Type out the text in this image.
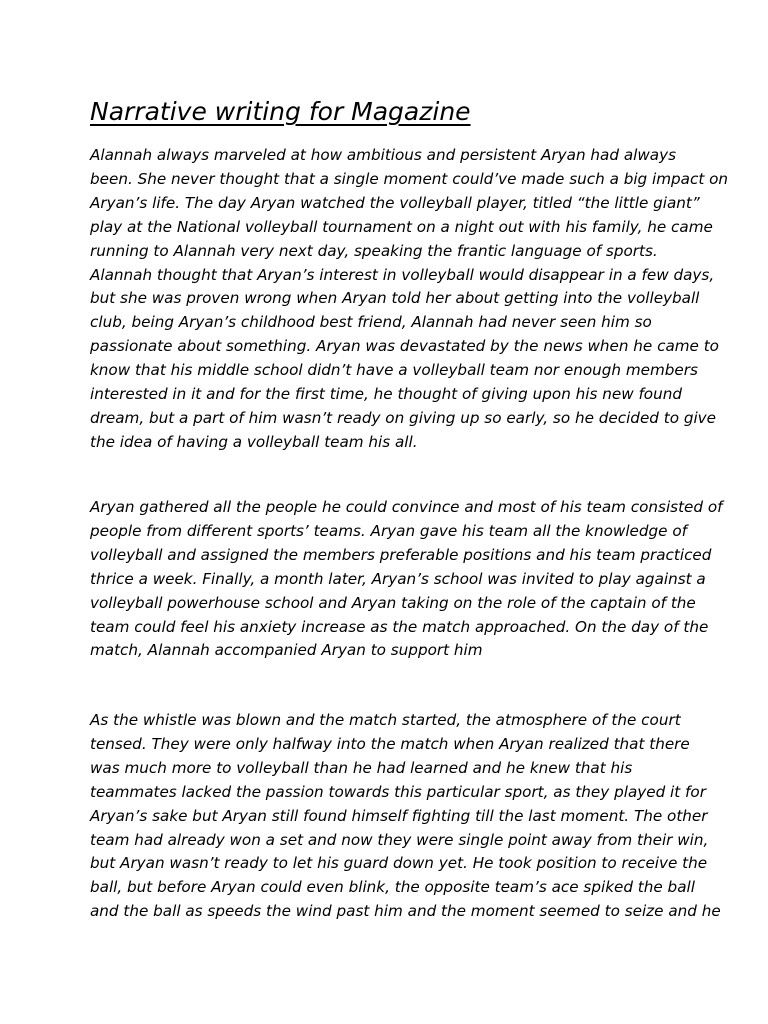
Narrative writing for Magazine

Alannah always marveled at how ambitious and persistent Aryan had always
been. She never thought that a single moment could’ve made such a big impact on
Aryan’s life. The day Aryan watched the volleyball player, titled “the little giant”
play at the National volleyball tournament on a night out with his family, he came
running to Alannah very next day, speaking the frantic language of sports.
Alannah thought that Aryan’s interest in volleyball would disappear in a few days,
but she was proven wrong when Aryan told her about getting into the volleyball
club, being Aryan’s childhood best friend, Alannah had never seen him so
passionate about something. Aryan was devastated by the news when he came to
know that his middle school didn’t have a volleyball team nor enough members
interested in it and for the first time, he thought of giving upon his new found
dream, but a part of him wasn’t ready on giving up so early, so he decided to give
the idea of having a volleyball team his all.

Aryan gathered all the people he could convince and most of his team consisted of
people from different sports’ teams. Aryan gave his team all the knowledge of
volleyball and assigned the members preferable positions and his team practiced
thrice a week. Finally, a month later, Aryan’s school was invited to play against a
volleyball powerhouse school and Aryan taking on the role of the captain of the
team could feel his anxiety increase as the match approached. On the day of the
match, Alannah accompanied Aryan to support him

As the whistle was blown and the match started, the atmosphere of the court
tensed. They were only halfway into the match when Aryan realized that there
was much more to volleyball than he had learned and he knew that his
teammates lacked the passion towards this particular sport, as they played it for
Aryan’s sake but Aryan still found himself fighting till the last moment. The other
team had already won a set and now they were single point away from their win,
but Aryan wasn’t ready to let his guard down yet. He took position to receive the
ball, but before Aryan could even blink, the opposite team’s ace spiked the ball
and the ball as speeds the wind past him and the moment seemed to seize and he
